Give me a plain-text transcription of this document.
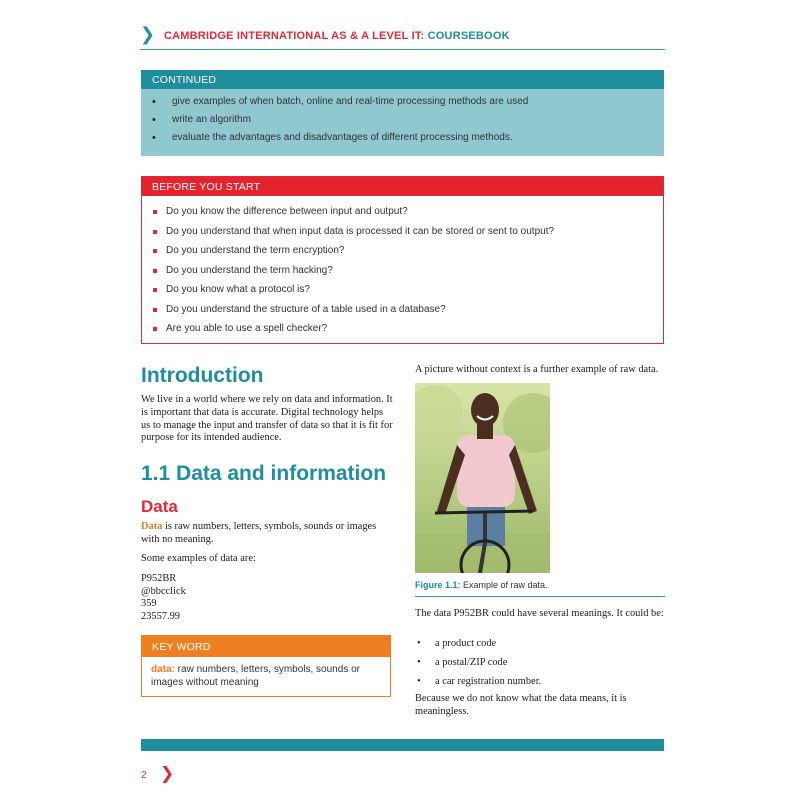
❯ CAMBRIDGE INTERNATIONAL AS & A LEVEL IT: COURSEBOOK
CONTINUED
• give examples of when batch, online and real-time processing methods are used
• write an algorithm
• evaluate the advantages and disadvantages of different processing methods.
BEFORE YOU START
Do you know the difference between input and output?
Do you understand that when input data is processed it can be stored or sent to output?
Do you understand the term encryption?
Do you understand the term hacking?
Do you know what a protocol is?
Do you understand the structure of a table used in a database?
Are you able to use a spell checker?
Introduction

We live in a world where we rely on data and information. It is important that data is accurate. Digital technology helps us to manage the input and transfer of data so that it is fit for purpose for its intended audience.

1.1 Data and information
Data

Data is raw numbers, letters, symbols, sounds or images with no meaning.

Some examples of data are:

P952BR
@bbcclick
359
23557.99
KEY WORD
data: raw numbers, letters, symbols, sounds or images without meaning

A picture without context is a further example of raw data.

Figure 1.1: Example of raw data.

The data P952BR could have several meanings. It could be:

• a product code
• a postal/ZIP code
• a car registration number.

Because we do not know what the data means, it is meaningless.

2 ❯
